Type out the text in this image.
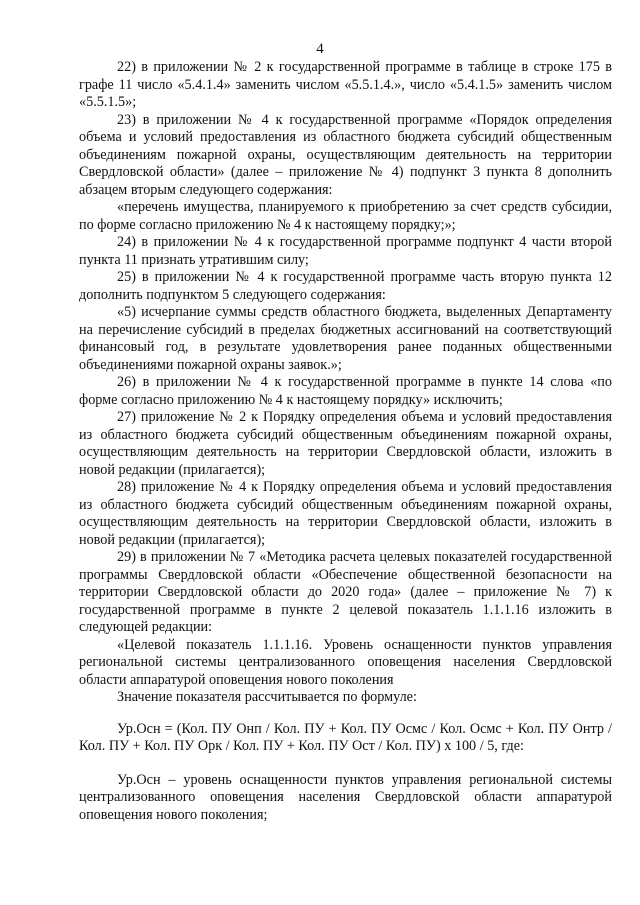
4

22) в приложении № 2 к государственной программе в таблице в строке 175 в графе 11 число «5.4.1.4» заменить числом «5.5.1.4.», число «5.4.1.5» заменить числом «5.5.1.5»;

23) в приложении № 4 к государственной программе «Порядок определения объема и условий предоставления из областного бюджета субсидий общественным объединениям пожарной охраны, осуществляющим деятельность на территории Свердловской области» (далее – приложение № 4) подпункт 3 пункта 8 дополнить абзацем вторым следующего содержания:

«перечень имущества, планируемого к приобретению за счет средств субсидии, по форме согласно приложению № 4 к настоящему порядку;»;

24) в приложении № 4 к государственной программе подпункт 4 части второй пункта 11 признать утратившим силу;

25) в приложении № 4 к государственной программе часть вторую пункта 12 дополнить подпунктом 5 следующего содержания:

«5) исчерпание суммы средств областного бюджета, выделенных Департаменту на перечисление субсидий в пределах бюджетных ассигнований на соответствующий финансовый год, в результате удовлетворения ранее поданных общественными объединениями пожарной охраны заявок.»;

26) в приложении № 4 к государственной программе в пункте 14 слова «по форме согласно приложению № 4 к настоящему порядку» исключить;

27) приложение № 2 к Порядку определения объема и условий предоставления из областного бюджета субсидий общественным объединениям пожарной охраны, осуществляющим деятельность на территории Свердловской области, изложить в новой редакции (прилагается);

28) приложение № 4 к Порядку определения объема и условий предоставления из областного бюджета субсидий общественным объединениям пожарной охраны, осуществляющим деятельность на территории Свердловской области, изложить в новой редакции (прилагается);

29) в приложении № 7 «Методика расчета целевых показателей государственной программы Свердловской области «Обеспечение общественной безопасности на территории Свердловской области до 2020 года» (далее – приложение № 7) к государственной программе в пункте 2 целевой показатель 1.1.1.16 изложить в следующей редакции:

«Целевой показатель 1.1.1.16. Уровень оснащенности пунктов управления региональной системы централизованного оповещения населения Свердловской области аппаратурой оповещения нового поколения

Значение показателя рассчитывается по формуле:

Ур.Осн = (Кол. ПУ Онп / Кол. ПУ + Кол. ПУ Осмс / Кол. Осмс + Кол. ПУ Онтр / Кол. ПУ + Кол. ПУ Орк / Кол. ПУ + Кол. ПУ Ост / Кол. ПУ) x 100 / 5, где:

Ур.Осн – уровень оснащенности пунктов управления региональной системы централизованного оповещения населения Свердловской области аппаратурой оповещения нового поколения;
